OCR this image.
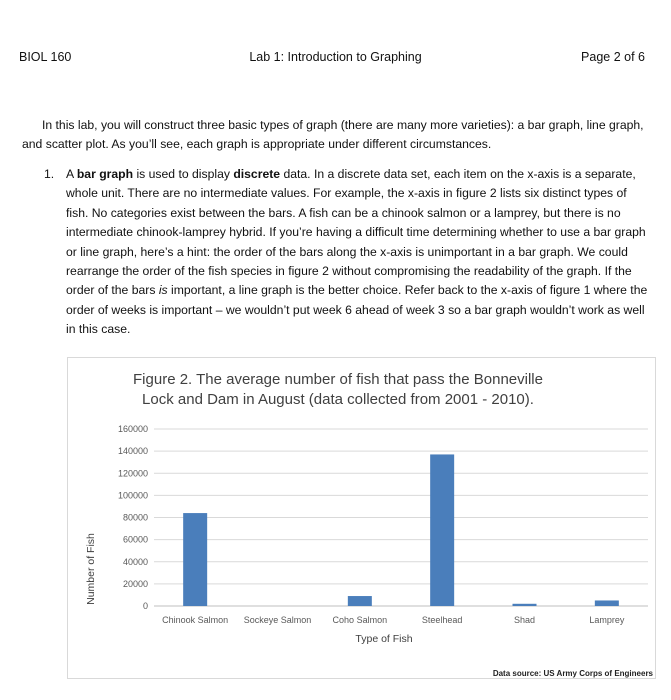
BIOL 160	Lab 1: Introduction to Graphing	Page 2 of 6

In this lab, you will construct three basic types of graph (there are many more varieties): a bar graph, line graph, and scatter plot. As you’ll see, each graph is appropriate under different circumstances.

1. A bar graph is used to display discrete data. In a discrete data set, each item on the x-axis is a separate, whole unit. There are no intermediate values. For example, the x-axis in figure 2 lists six distinct types of fish. No categories exist between the bars. A fish can be a chinook salmon or a lamprey, but there is no intermediate chinook-lamprey hybrid. If you’re having a difficult time determining whether to use a bar graph or line graph, here’s a hint: the order of the bars along the x-axis is unimportant in a bar graph. We could rearrange the order of the fish species in figure 2 without compromising the readability of the graph. If the order of the bars is important, a line graph is the better choice. Refer back to the x-axis of figure 1 where the order of weeks is important – we wouldn’t put week 6 ahead of week 3 so a bar graph wouldn’t work as well in this case.
Figure 2. The average number of fish that pass the Bonneville Lock and Dam in August (data collected from 2001 - 2010).
0
20000
40000
60000
80000
100000
120000
140000
160000
Chinook Salmon Sockeye Salmon Coho Salmon	Steelhead	Shad	Lamprey
Number of Fish
Type of Fish
Data source: US Army Corps of Engineers
